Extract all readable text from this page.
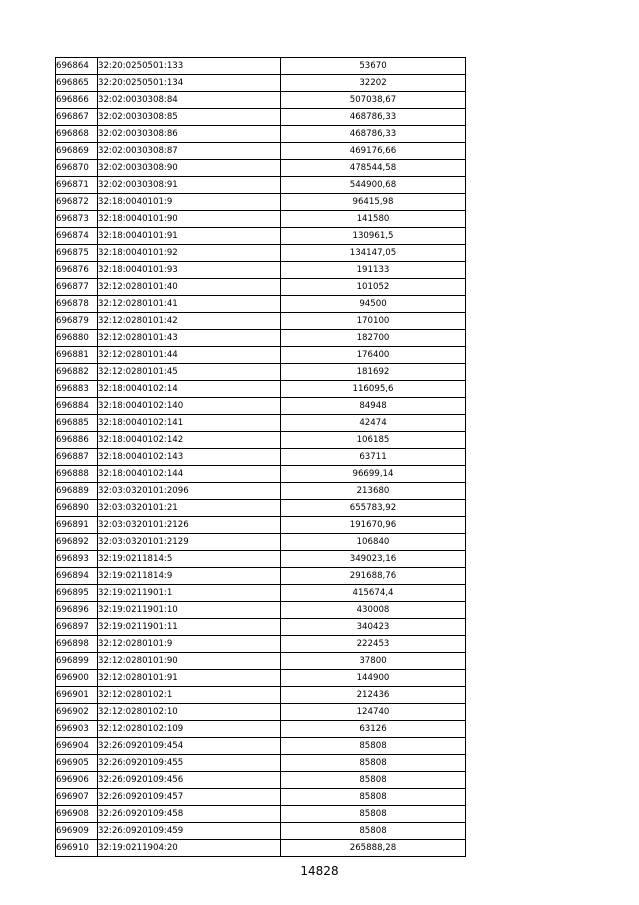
696864	32:20:0250501:133	53670
696865	32:20:0250501:134	32202
696866	32:02:0030308:84	507038,67
696867	32:02:0030308:85	468786,33
696868	32:02:0030308:86	468786,33
696869	32:02:0030308:87	469176,66
696870	32:02:0030308:90	478544,58
696871	32:02:0030308:91	544900,68
696872	32:18:0040101:9	96415,98
696873	32:18:0040101:90	141580
696874	32:18:0040101:91	130961,5
696875	32:18:0040101:92	134147,05
696876	32:18:0040101:93	191133
696877	32:12:0280101:40	101052
696878	32:12:0280101:41	94500
696879	32:12:0280101:42	170100
696880	32:12:0280101:43	182700
696881	32:12:0280101:44	176400
696882	32:12:0280101:45	181692
696883	32:18:0040102:14	116095,6
696884	32:18:0040102:140	84948
696885	32:18:0040102:141	42474
696886	32:18:0040102:142	106185
696887	32:18:0040102:143	63711
696888	32:18:0040102:144	96699,14
696889	32:03:0320101:2096	213680
696890	32:03:0320101:21	655783,92
696891	32:03:0320101:2126	191670,96
696892	32:03:0320101:2129	106840
696893	32:19:0211814:5	349023,16
696894	32:19:0211814:9	291688,76
696895	32:19:0211901:1	415674,4
696896	32:19:0211901:10	430008
696897	32:19:0211901:11	340423
696898	32:12:0280101:9	222453
696899	32:12:0280101:90	37800
696900	32:12:0280101:91	144900
696901	32:12:0280102:1	212436
696902	32:12:0280102:10	124740
696903	32:12:0280102:109	63126
696904	32:26:0920109:454	85808
696905	32:26:0920109:455	85808
696906	32:26:0920109:456	85808
696907	32:26:0920109:457	85808
696908	32:26:0920109:458	85808
696909	32:26:0920109:459	85808
696910	32:19:0211904:20	265888,28
14828
